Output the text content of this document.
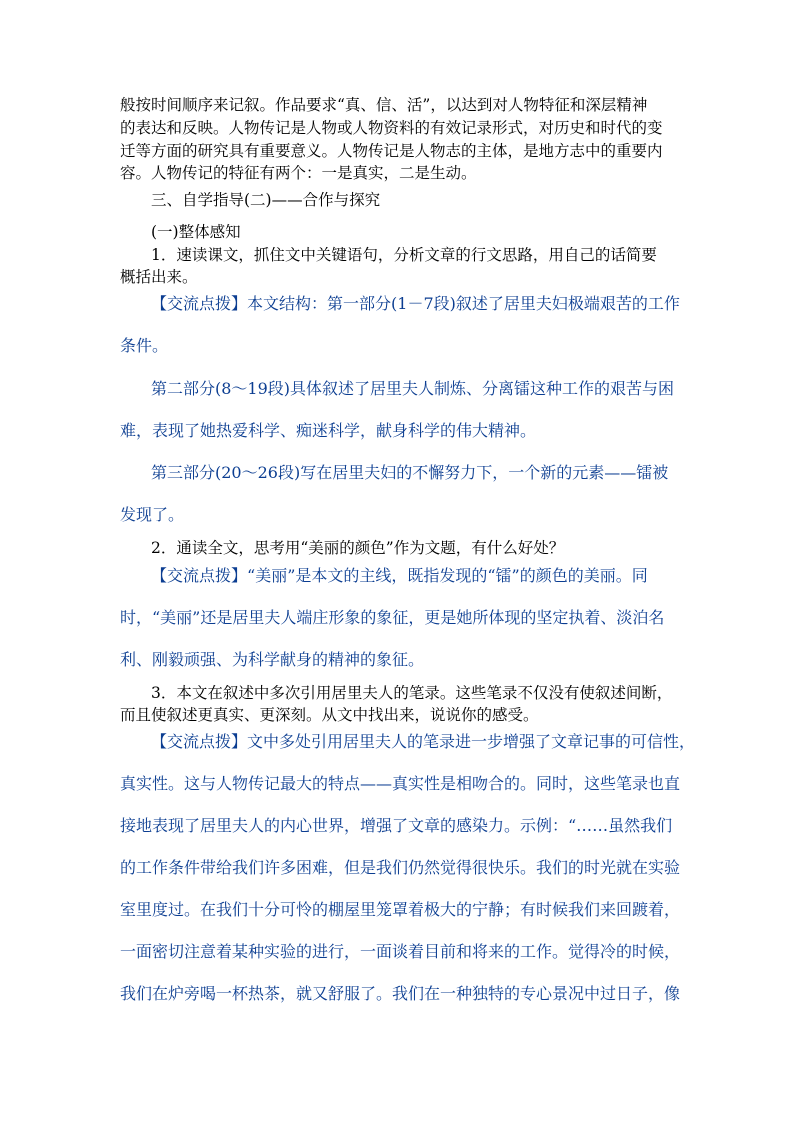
般按时间顺序来记叙。作品要求“真、信、活”，以达到对人物特征和深层精神
的表达和反映。人物传记是人物或人物资料的有效记录形式，对历史和时代的变
迁等方面的研究具有重要意义。人物传记是人物志的主体，是地方志中的重要内
容。人物传记的特征有两个：一是真实，二是生动。
三、自学指导(二)——合作与探究
(一)整体感知
1．速读课文，抓住文中关键语句，分析文章的行文思路，用自己的话简要
概括出来。
【交流点拨】本文结构：第一部分(1－7段)叙述了居里夫妇极端艰苦的工作
条件。
第二部分(8～19段)具体叙述了居里夫人制炼、分离镭这种工作的艰苦与困
难，表现了她热爱科学、痴迷科学，献身科学的伟大精神。
第三部分(20～26段)写在居里夫妇的不懈努力下，一个新的元素——镭被
发现了。
2．通读全文，思考用“美丽的颜色”作为文题，有什么好处？
【交流点拨】“美丽”是本文的主线，既指发现的“镭”的颜色的美丽。同
时，“美丽”还是居里夫人端庄形象的象征，更是她所体现的坚定执着、淡泊名
利、刚毅顽强、为科学献身的精神的象征。
3．本文在叙述中多次引用居里夫人的笔录。这些笔录不仅没有使叙述间断，
而且使叙述更真实、更深刻。从文中找出来，说说你的感受。
【交流点拨】文中多处引用居里夫人的笔录进一步增强了文章记事的可信性，
真实性。这与人物传记最大的特点——真实性是相吻合的。同时，这些笔录也直
接地表现了居里夫人的内心世界，增强了文章的感染力。示例：“……虽然我们
的工作条件带给我们许多困难，但是我们仍然觉得很快乐。我们的时光就在实验
室里度过。在我们十分可怜的棚屋里笼罩着极大的宁静；有时候我们来回踱着，
一面密切注意着某种实验的进行，一面谈着目前和将来的工作。觉得冷的时候，
我们在炉旁喝一杯热茶，就又舒服了。我们在一种独特的专心景况中过日子，像
